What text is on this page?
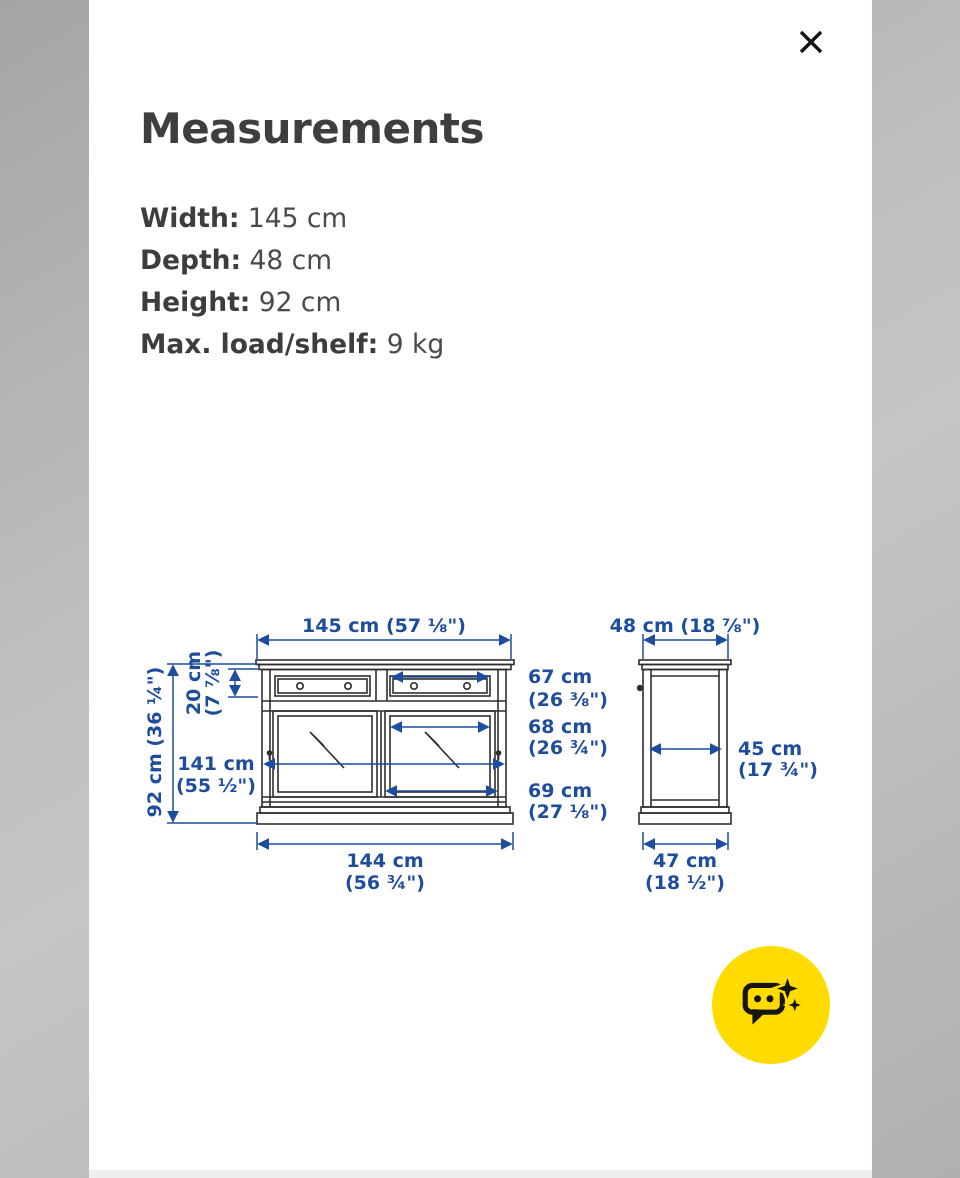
Measurements
Width: 145 cm
Depth: 48 cm
Height: 92 cm
Max. load/shelf: 9 kg
145 cm (57 ⅛")	48 cm (18 ⅞")
92 cm (36 ¼") 20 cm
(7 ⅞")
141 cm
(55 ½")
67 cm
(26 ⅜")
68 cm
(26 ¾")
69 cm
(27 ⅛")
144 cm
(56 ¾")
45 cm
(17 ¾")
47 cm
(18 ½")
